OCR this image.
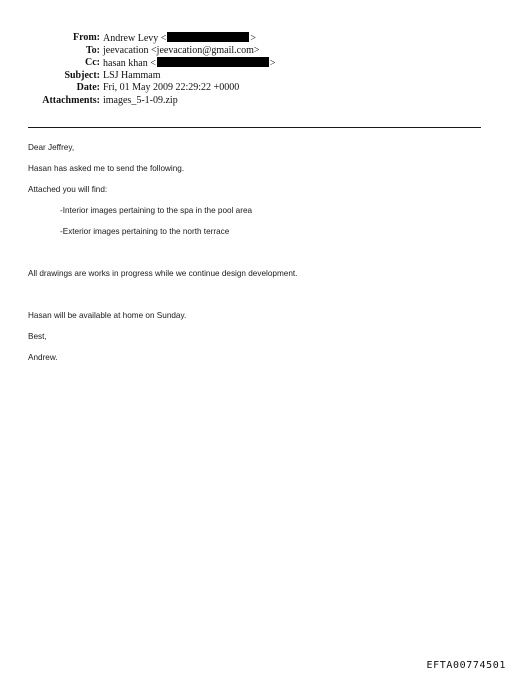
From: Andrew Levy <	>
To: jeevacation <jeevacation@gmail.com>
Cc: hasan khan <	>
Subject: LSJ Hammam
Date: Fri, 01 May 2009 22:29:22 +0000
Attachments: images_5-1-09.zip
Dear Jeffrey,
Hasan has asked me to send the following.
Attached you will find:
-Interior images pertaining to the spa in the pool area
-Exterior images pertaining to the north terrace
All drawings are works in progress while we continue design development.
Hasan will be available at home on Sunday.
Best,
Andrew.
EFTA00774501
